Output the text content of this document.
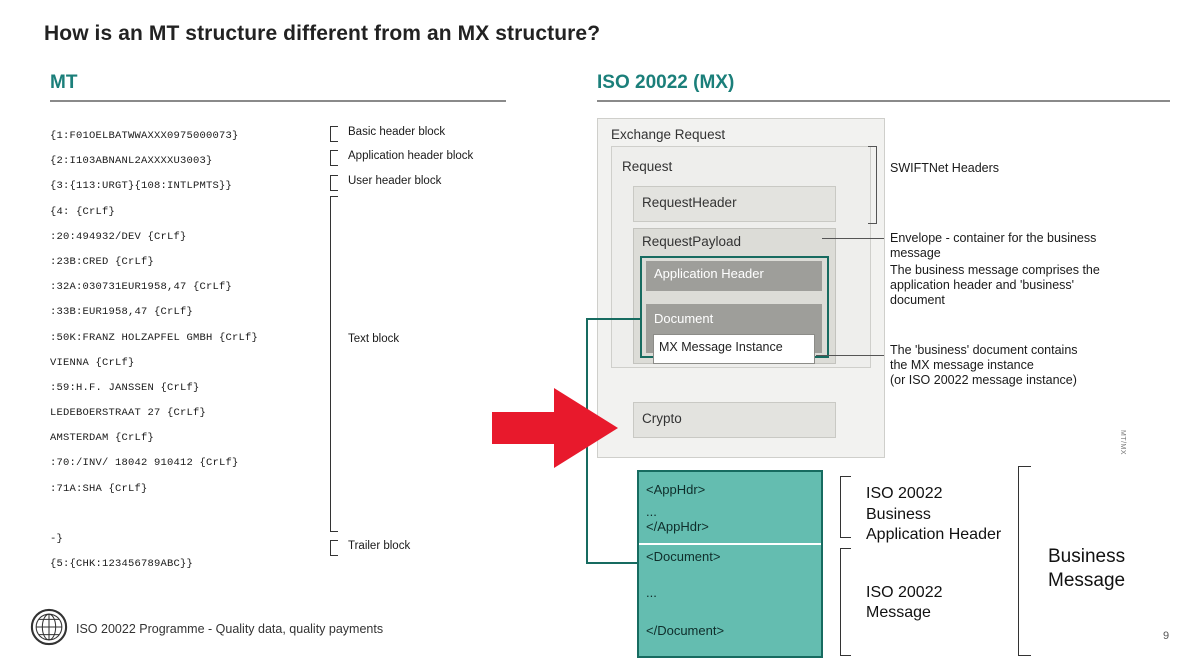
How is an MT structure different from an MX structure?
MT
{1:F01OELBATWWAXXX0975000073}
{2:I103ABNANL2AXXXXU3003}
{3:{113:URGT}{108:INTLPMTS}}
{4: {CrLf}
:20:494932/DEV {CrLf}
:23B:CRED {CrLf}
:32A:030731EUR1958,47 {CrLf}
:33B:EUR1958,47 {CrLf}
:50K:FRANZ HOLZAPFEL GMBH {CrLf}
VIENNA {CrLf}
:59:H.F. JANSSEN {CrLf}
LEDEBOERSTRAAT 27 {CrLf}
AMSTERDAM {CrLf}
:70:/INV/ 18042 910412 {CrLf}
:71A:SHA {CrLf}
-}
{5:{CHK:123456789ABC}}
Basic header block
Application header block
User header block
Text block
Trailer block
ISO 20022 (MX)
Exchange Request
Request
RequestHeader
RequestPayload
Application Header
Document
MX Message Instance
Crypto
SWIFTNet Headers
Envelope - container for the business
message
The business message comprises the
application header and 'business'
document
The 'business' document contains
the MX message instance
(or ISO 20022 message instance)
<AppHdr>
...
</AppHdr>
<Document>
...
</Document>
ISO 20022
Business
Application Header
ISO 20022
Message
Business
Message
MT/MX
ISO 20022 Programme - Quality data, quality payments	9
